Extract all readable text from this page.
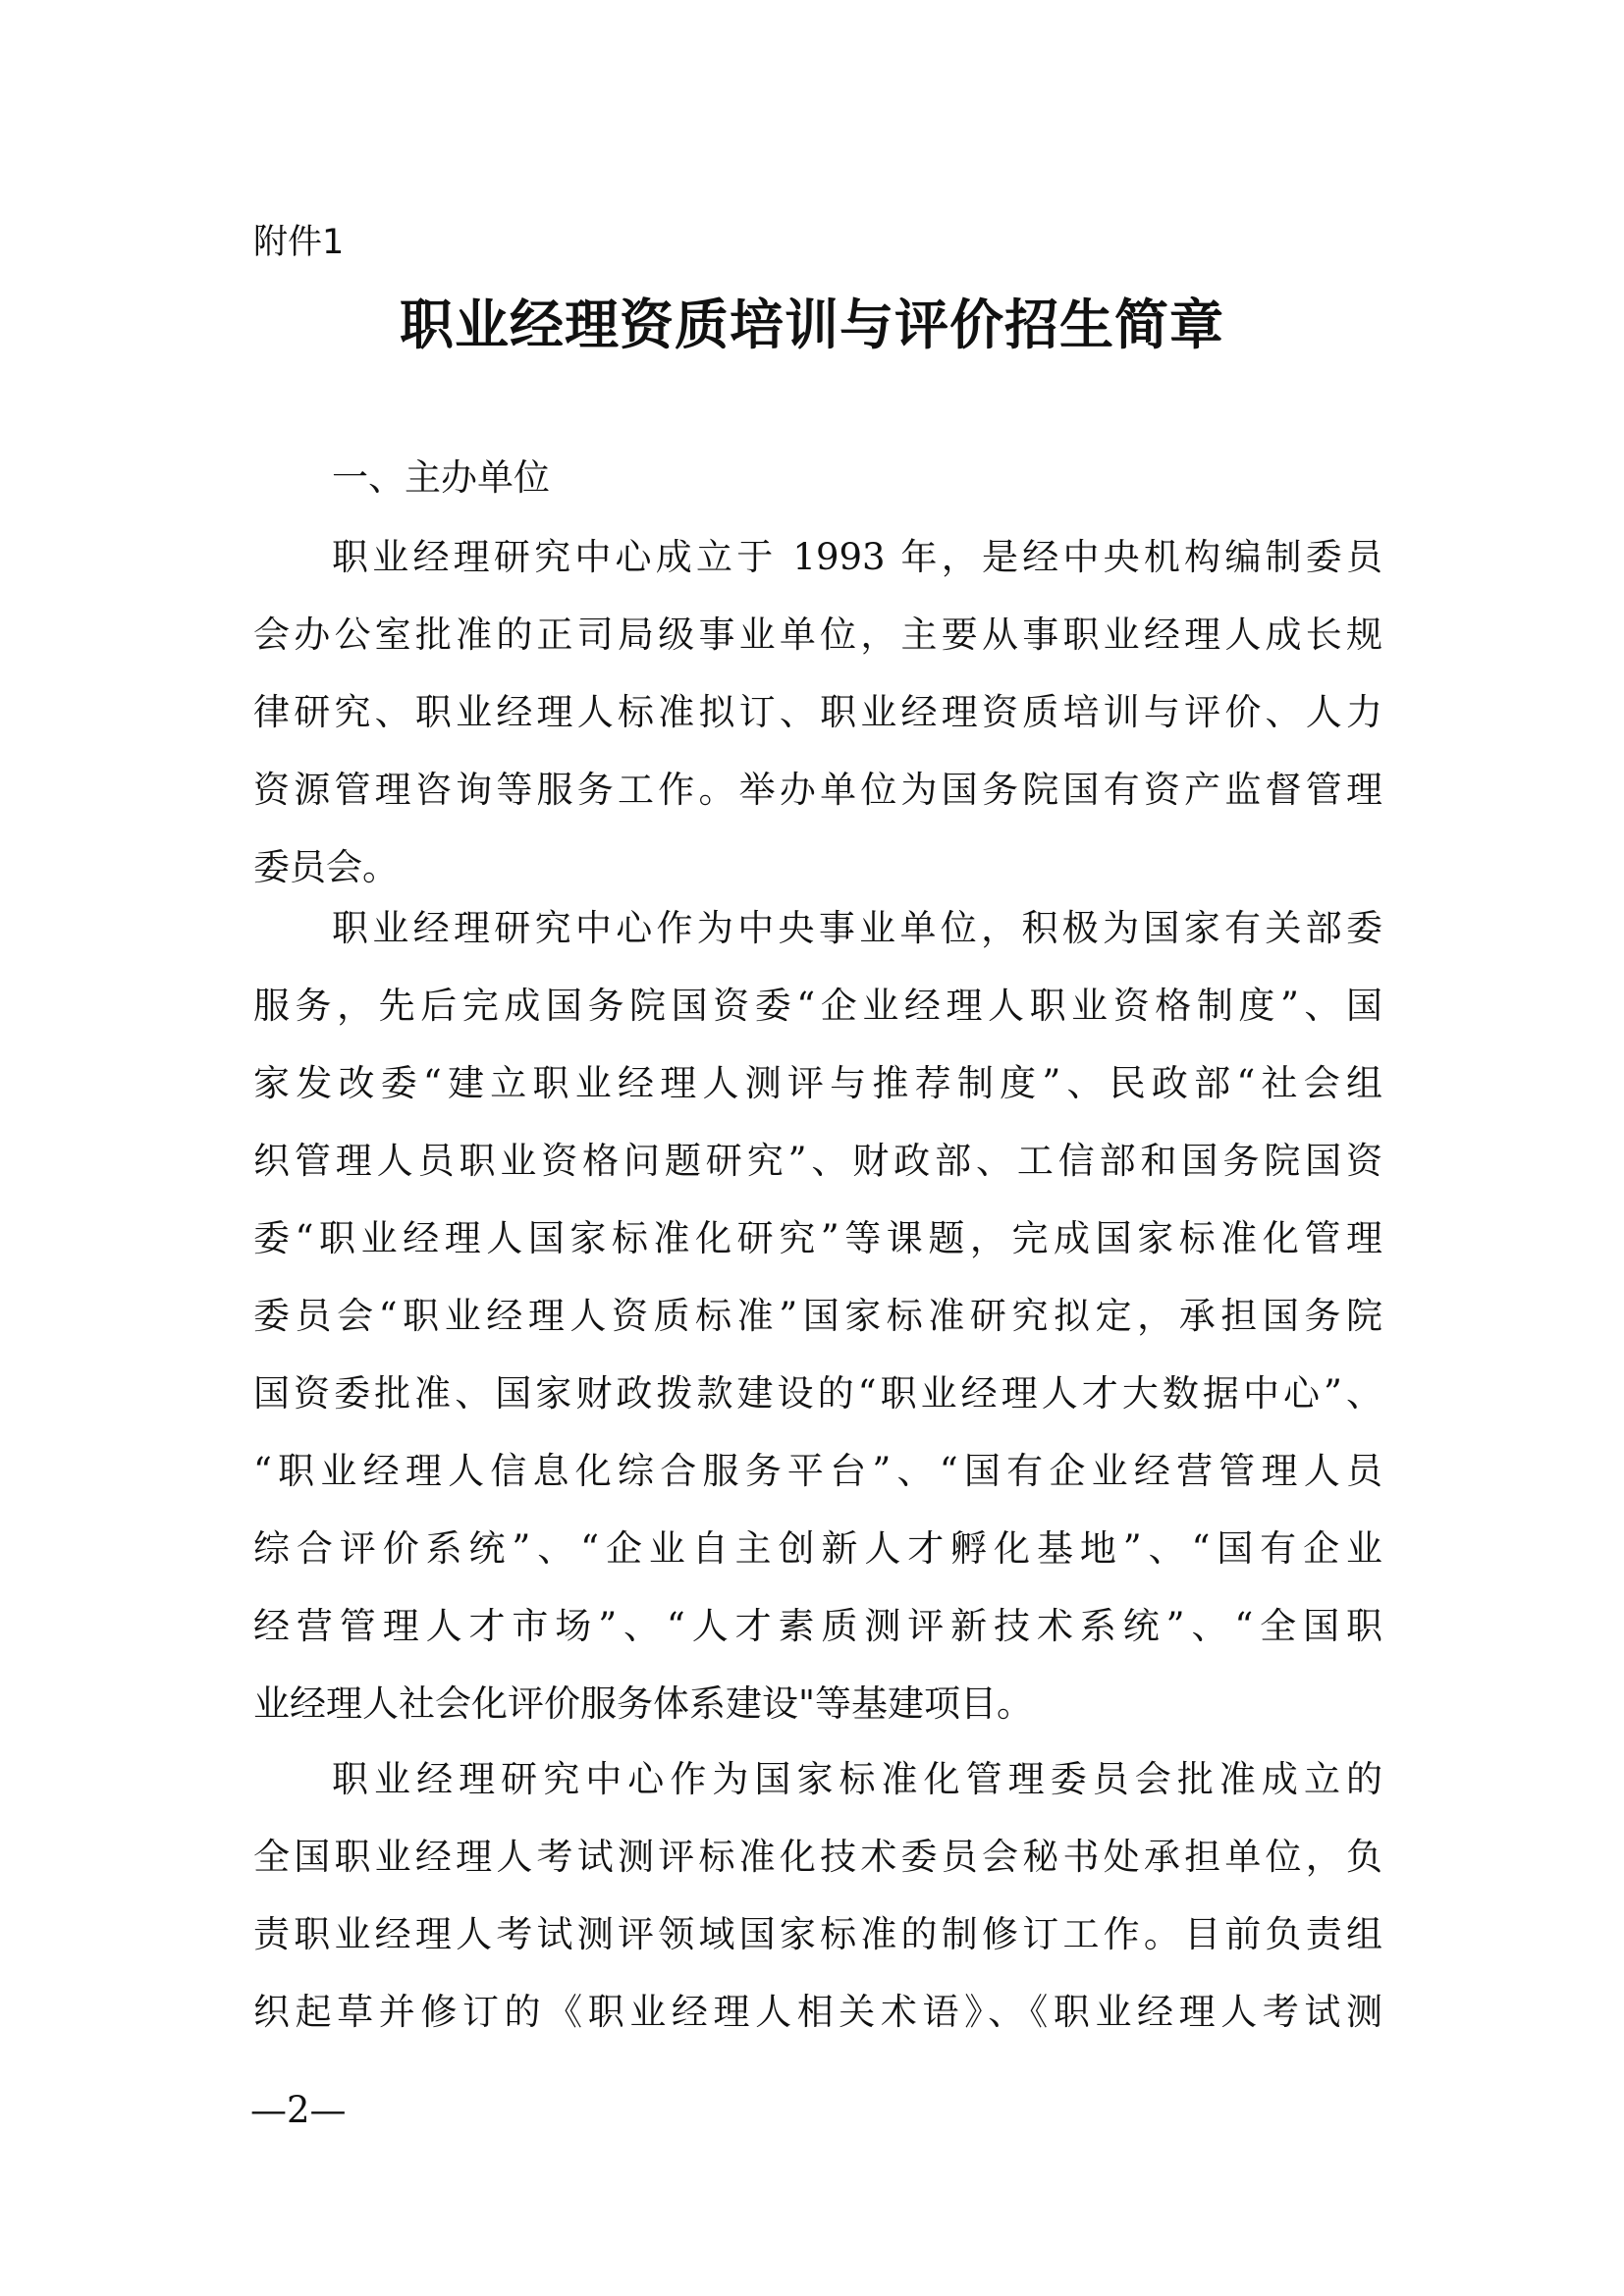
附件1
职业经理资质培训与评价招生简章
一、主办单位
职业经理研究中心成立于 1993 年，是经中央机构编制委员
会办公室批准的正司局级事业单位，主要从事职业经理人成长规
律研究、职业经理人标准拟订、职业经理资质培训与评价、人力
资源管理咨询等服务工作。举办单位为国务院国有资产监督管理
委员会。
职业经理研究中心作为中央事业单位，积极为国家有关部委
服务，先后完成国务院国资委“企业经理人职业资格制度”、国
家发改委“建立职业经理人测评与推荐制度”、民政部“社会组
织管理人员职业资格问题研究”、财政部、工信部和国务院国资
委“职业经理人国家标准化研究”等课题，完成国家标准化管理
委员会“职业经理人资质标准”国家标准研究拟定，承担国务院
国资委批准、国家财政拨款建设的“职业经理人才大数据中心”、
“职业经理人信息化综合服务平台”、“国有企业经营管理人员
综合评价系统”、“企业自主创新人才孵化基地”、“国有企业
经营管理人才市场”、“人才素质测评新技术系统”、“全国职
业经理人社会化评价服务体系建设"等基建项目。
职业经理研究中心作为国家标准化管理委员会批准成立的
全国职业经理人考试测评标准化技术委员会秘书处承担单位，负
责职业经理人考试测评领域国家标准的制修订工作。目前负责组
织起草并修订的《职业经理人相关术语》、《职业经理人考试测
—2—
